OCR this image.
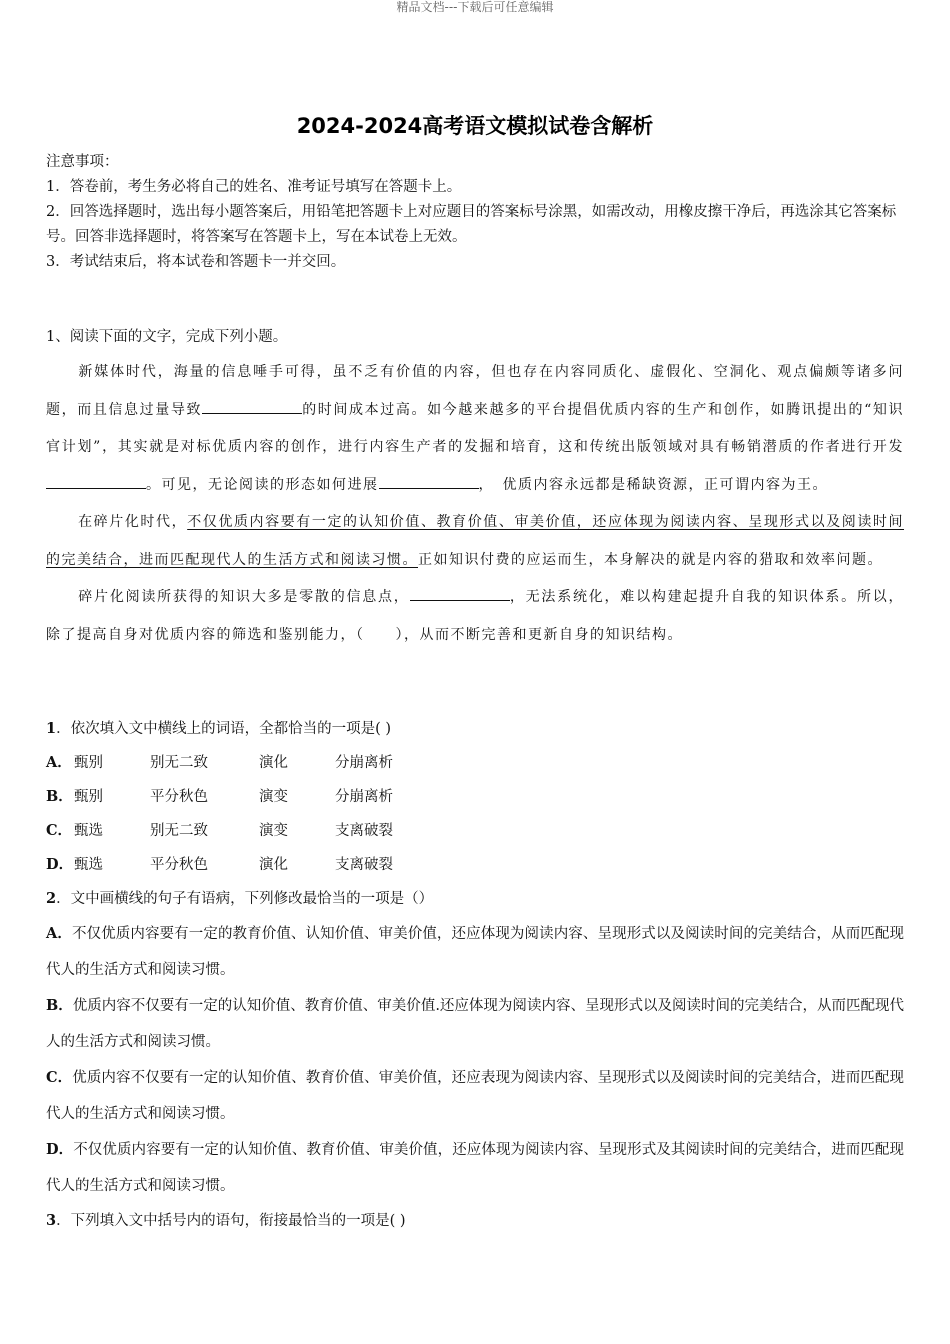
精品文档---下载后可任意编辑
2024-2024高考语文模拟试卷含解析

注意事项：

1．答卷前，考生务必将自己的姓名、准考证号填写在答题卡上。

2．回答选择题时，选出每小题答案后，用铅笔把答题卡上对应题目的答案标号涂黑，如需改动，用橡皮擦干净后，再选涂其它答案标号。回答非选择题时，将答案写在答题卡上，写在本试卷上无效。

3．考试结束后，将本试卷和答题卡一并交回。

1、阅读下面的文字，完成下列小题。

新媒体时代，海量的信息唾手可得，虽不乏有价值的内容，但也存在内容同质化、虚假化、空洞化、观点偏颇等诸多问题，而且信息过量导致	的时间成本过高。如今越来越多的平台提倡优质内容的生产和创作，如腾讯提出的“知识官计划”，其实就是对标优质内容的创作，进行内容生产者的发掘和培育，这和传统出版领域对具有畅销潜质的作者进行开发。可见，无论阅读的形态如何进展	，　优质内容永远都是稀缺资源，正可谓内容为王。

在碎片化时代，不仅优质内容要有一定的认知价值、教育价值、审美价值，还应体现为阅读内容、呈现形式以及阅读时间的完美结合，进而匹配现代人的生活方式和阅读习惯。正如知识付费的应运而生，本身解决的就是内容的猎取和效率问题。

碎片化阅读所获得的知识大多是零散的信息点，	，无法系统化，难以构建起提升自我的知识体系。所以，除了提高自身对优质内容的筛选和鉴别能力，（　　），从而不断完善和更新自身的知识结构。

1．依次填入文中横线上的词语，全都恰当的一项是( )

A． 甄别	别无二致	演化	分崩离析
B． 甄别	平分秋色	演变	分崩离析
C． 甄选	别无二致	演变	支离破裂
D． 甄选	平分秋色	演化	支离破裂

2．文中画横线的句子有语病，下列修改最恰当的一项是（）

A．不仅优质内容要有一定的教育价值、认知价值、审美价值，还应体现为阅读内容、呈现形式以及阅读时间的完美结合，从而匹配现代人的生活方式和阅读习惯。

B．优质内容不仅要有一定的认知价值、教育价值、审美价值.还应体现为阅读内容、呈现形式以及阅读时间的完美结合，从而匹配现代人的生活方式和阅读习惯。

C．优质内容不仅要有一定的认知价值、教育价值、审美价值，还应表现为阅读内容、呈现形式以及阅读时间的完美结合，进而匹配现代人的生活方式和阅读习惯。

D．不仅优质内容要有一定的认知价值、教育价值、审美价值，还应体现为阅读内容、呈现形式及其阅读时间的完美结合，进而匹配现代人的生活方式和阅读习惯。

3．下列填入文中括号内的语句，衔接最恰当的一项是( )
